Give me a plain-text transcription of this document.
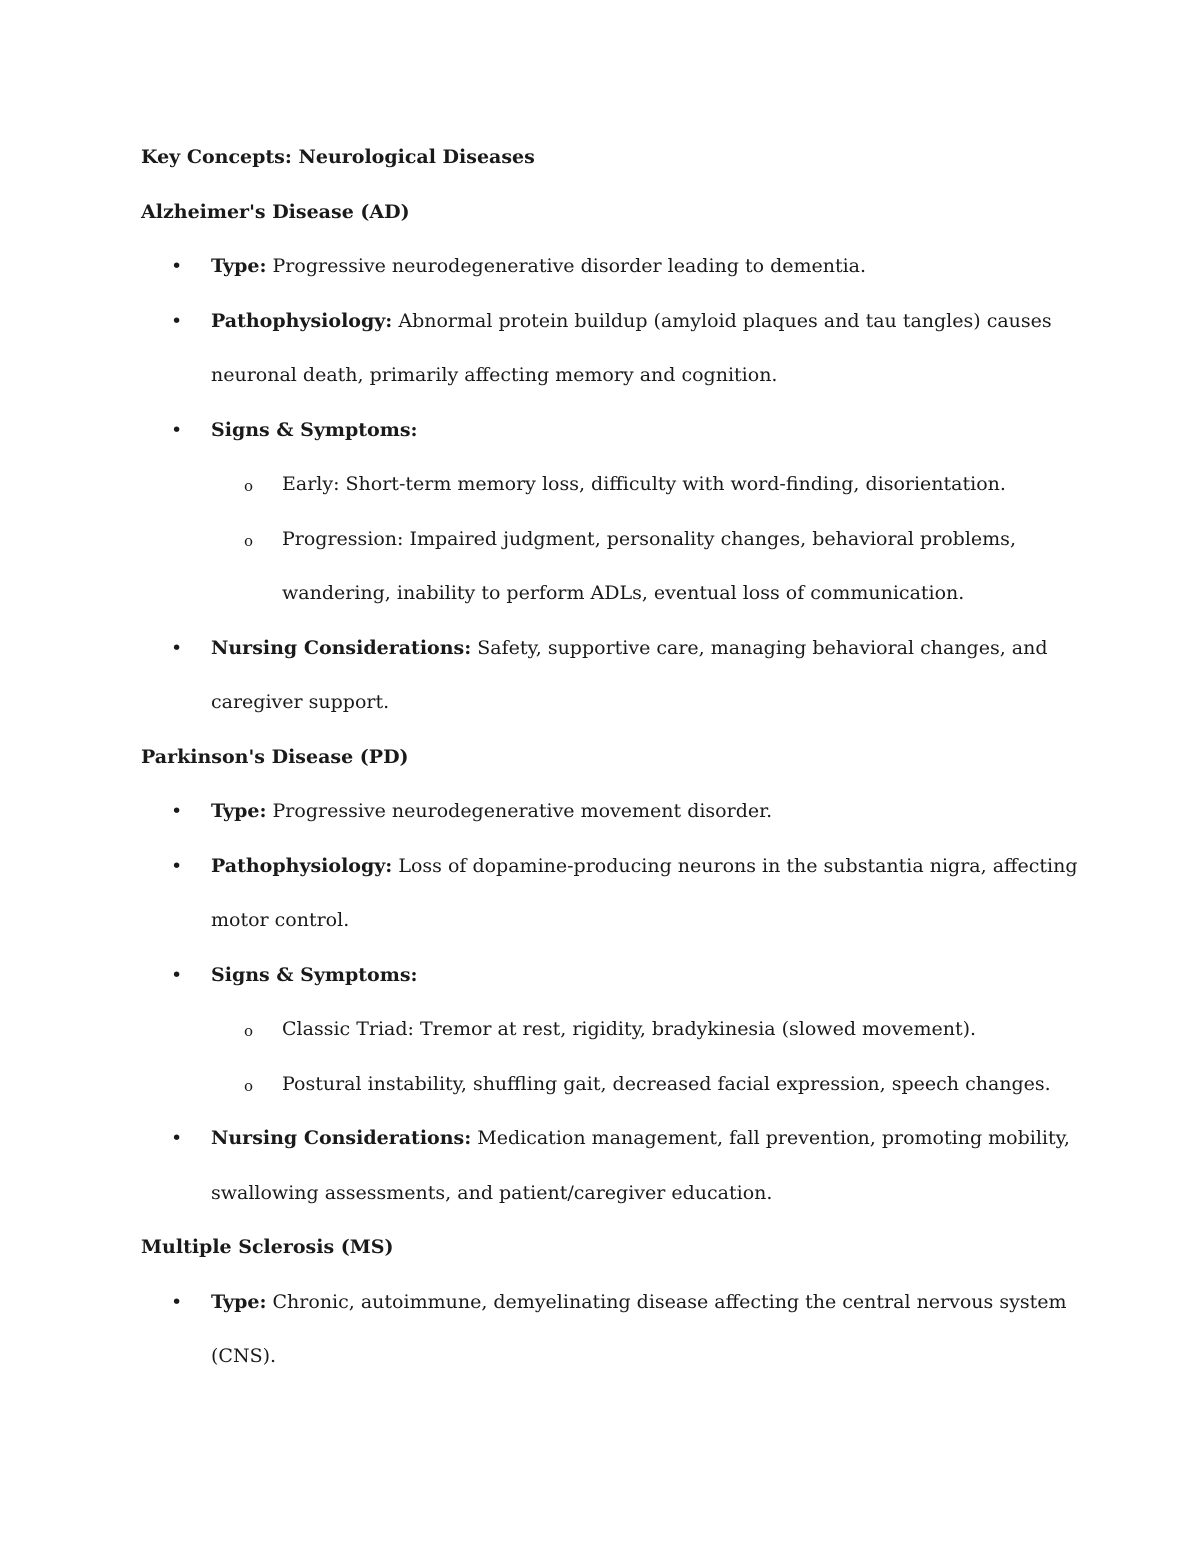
Key Concepts: Neurological Diseases
Alzheimer's Disease (AD)
• Type: Progressive neurodegenerative disorder leading to dementia.
• Pathophysiology: Abnormal protein buildup (amyloid plaques and tau tangles) causes
neuronal death, primarily affecting memory and cognition.
• Signs & Symptoms:
o Early: Short-term memory loss, difficulty with word-finding, disorientation.
o Progression: Impaired judgment, personality changes, behavioral problems,
wandering, inability to perform ADLs, eventual loss of communication.
• Nursing Considerations: Safety, supportive care, managing behavioral changes, and
caregiver support.
Parkinson's Disease (PD)
• Type: Progressive neurodegenerative movement disorder.
• Pathophysiology: Loss of dopamine-producing neurons in the substantia nigra, affecting
motor control.
• Signs & Symptoms:
o Classic Triad: Tremor at rest, rigidity, bradykinesia (slowed movement).
o Postural instability, shuffling gait, decreased facial expression, speech changes.
• Nursing Considerations: Medication management, fall prevention, promoting mobility,
swallowing assessments, and patient/caregiver education.
Multiple Sclerosis (MS)
• Type: Chronic, autoimmune, demyelinating disease affecting the central nervous system
(CNS).
